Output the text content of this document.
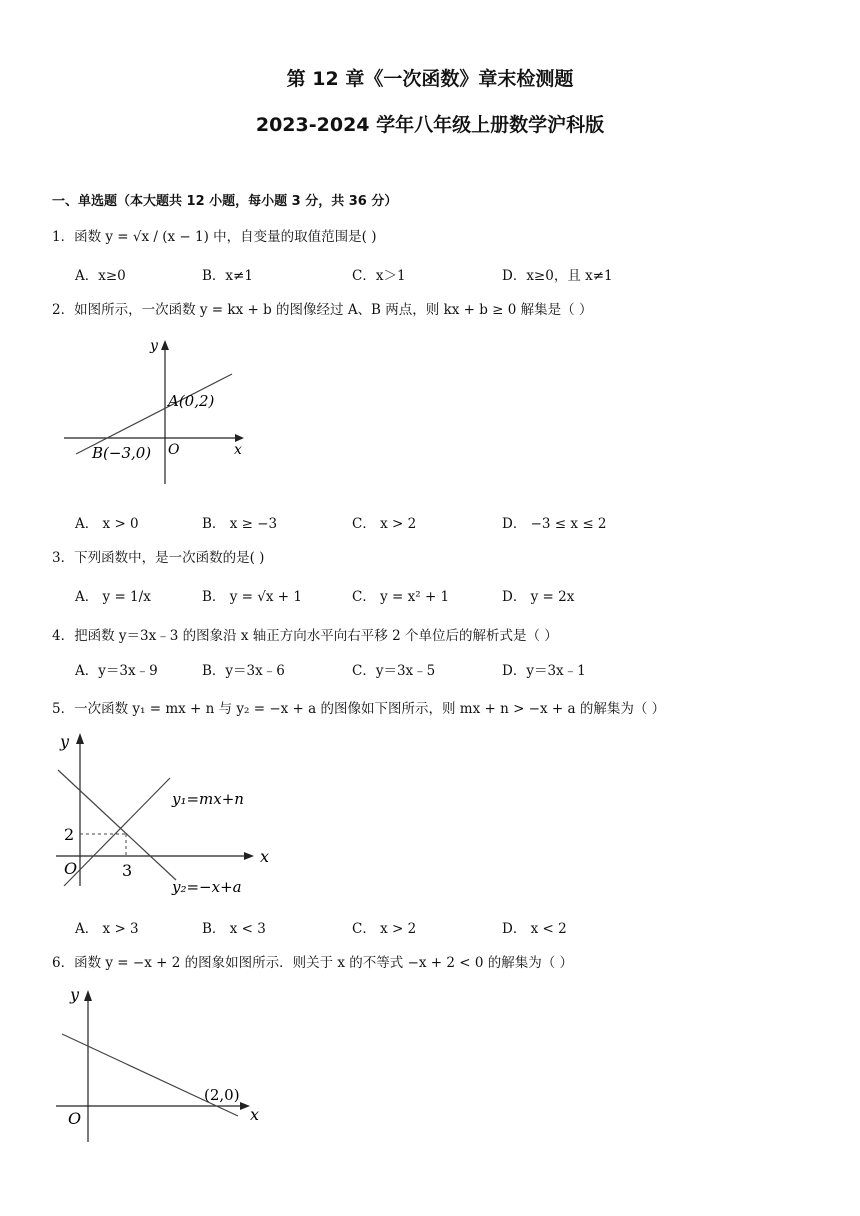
第 12 章《一次函数》章末检测题
2023-2024 学年八年级上册数学沪科版
一、单选题（本大题共 12 小题，每小题 3 分，共 36 分）
1．函数 y = √x / (x − 1) 中，自变量的取值范围是( )
A．x≥0	B．x≠1	C．x＞1	D．x≥0，且 x≠1
2．如图所示，一次函数 y = kx + b 的图像经过 A、B 两点，则 kx + b ≥ 0 解集是（ ）
y
x
O
A(0,2)
B(−3,0)
A． x > 0	B． x ≥ −3	C． x > 2	D． −3 ≤ x ≤ 2
3．下列函数中，是一次函数的是( )
A． y = 1/x	B． y = √x + 1	C． y = x² + 1	D． y = 2x
4．把函数 y＝3x﹣3 的图象沿 x 轴正方向水平向右平移 2 个单位后的解析式是（ ）
A．y＝3x﹣9	B．y＝3x﹣6	C．y＝3x﹣5	D．y＝3x﹣1
5．一次函数 y₁ = mx + n 与 y₂ = −x + a 的图像如下图所示，则 mx + n > −x + a 的解集为（ ）
y
x
O
2
3
y₁=mx+n
y₂=−x+a
A． x > 3	B． x < 3	C． x > 2	D． x < 2
6．函数 y = −x + 2 的图象如图所示．则关于 x 的不等式 −x + 2 < 0 的解集为（ ）
y
x
O
(2,0)
